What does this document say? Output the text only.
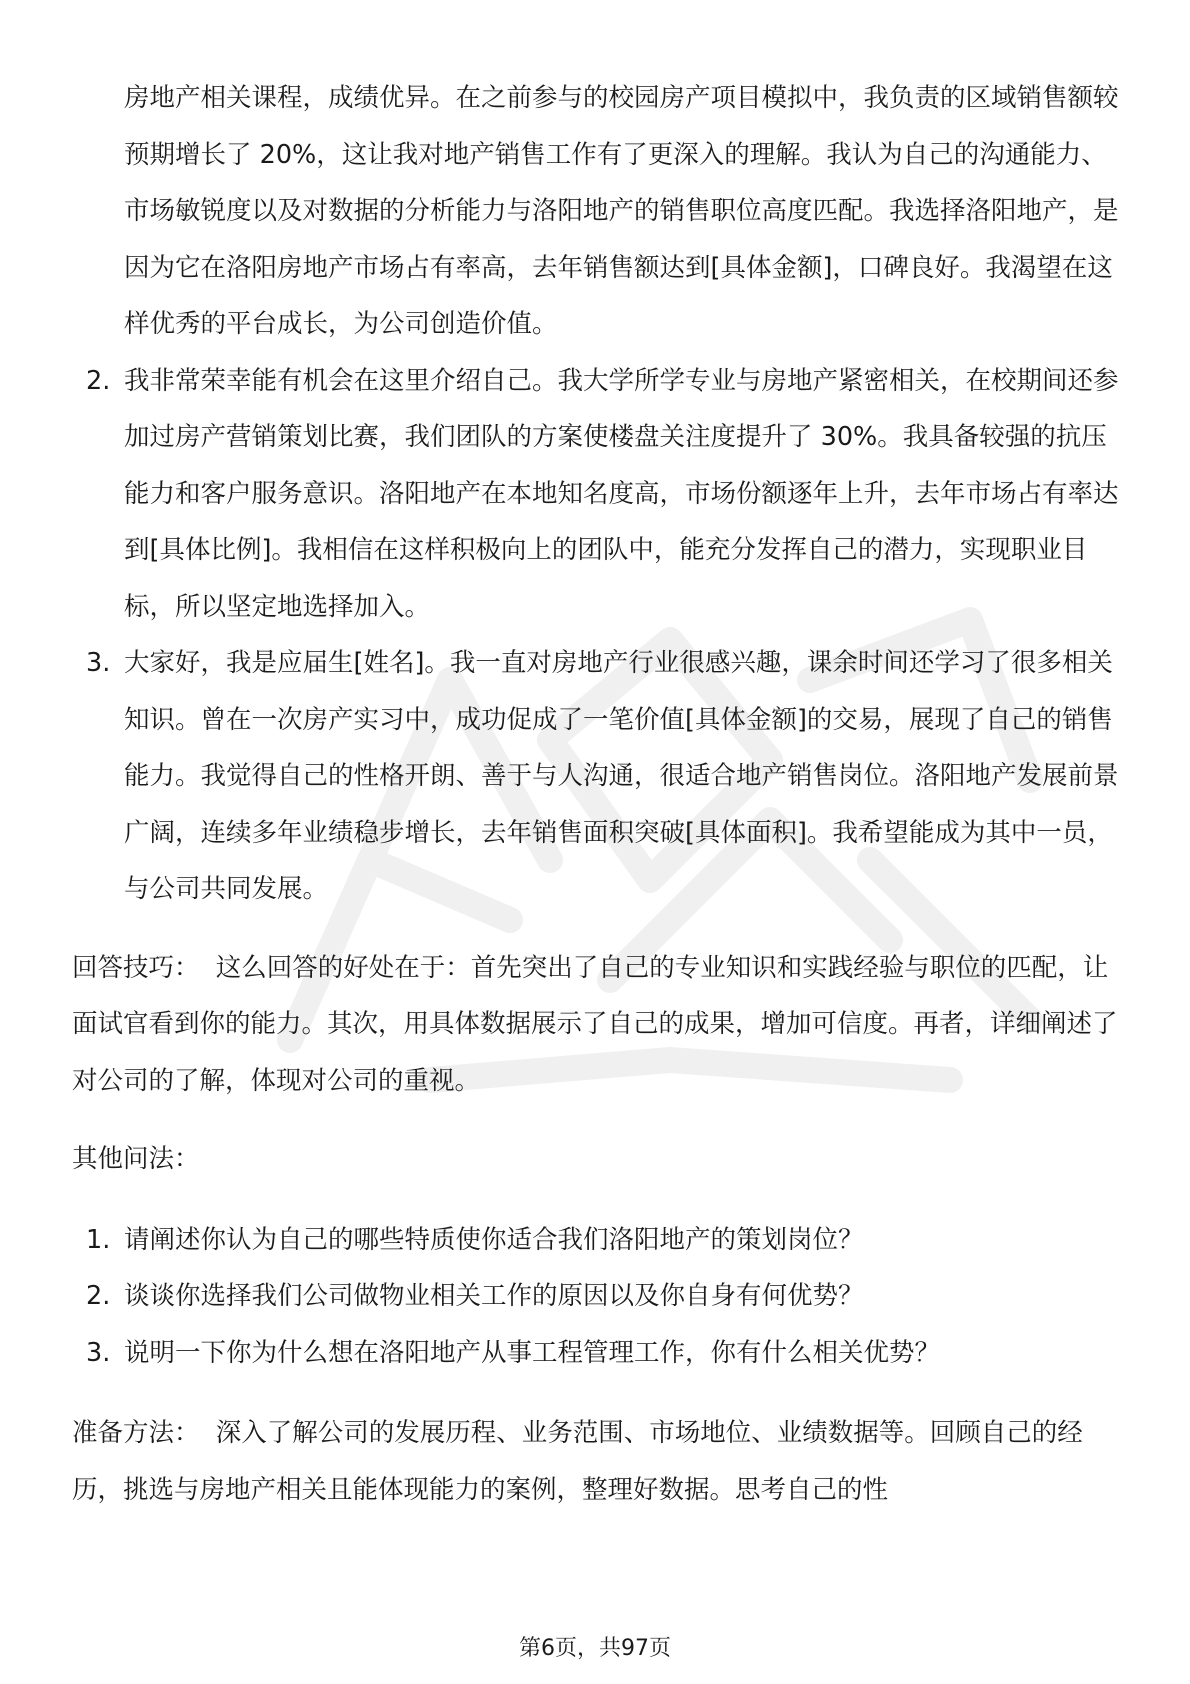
房地产相关课程，成绩优异。在之前参与的校园房产项目模拟中，我负责的区域销售额较预期增长了 20%，这让我对地产销售工作有了更深入的理解。我认为自己的沟通能力、市场敏锐度以及对数据的分析能力与洛阳地产的销售职位高度匹配。我选择洛阳地产，是因为它在洛阳房地产市场占有率高，去年销售额达到[具体金额]，口碑良好。我渴望在这样优秀的平台成长，为公司创造价值。

2. 我非常荣幸能有机会在这里介绍自己。我大学所学专业与房地产紧密相关，在校期间还参加过房产营销策划比赛，我们团队的方案使楼盘关注度提升了 30%。我具备较强的抗压能力和客户服务意识。洛阳地产在本地知名度高，市场份额逐年上升，去年市场占有率达到[具体比例]。我相信在这样积极向上的团队中，能充分发挥自己的潜力，实现职业目标，所以坚定地选择加入。
3. 大家好，我是应届生[姓名]。我一直对房地产行业很感兴趣，课余时间还学习了很多相关知识。曾在一次房产实习中，成功促成了一笔价值[具体金额]的交易，展现了自己的销售能力。我觉得自己的性格开朗、善于与人沟通，很适合地产销售岗位。洛阳地产发展前景广阔，连续多年业绩稳步增长，去年销售面积突破[具体面积]。我希望能成为其中一员，与公司共同发展。

回答技巧： 这么回答的好处在于：首先突出了自己的专业知识和实践经验与职位的匹配，让面试官看到你的能力。其次，用具体数据展示了自己的成果，增加可信度。再者，详细阐述了对公司的了解，体现对公司的重视。

其他问法：

1. 请阐述你认为自己的哪些特质使你适合我们洛阳地产的策划岗位？
2. 谈谈你选择我们公司做物业相关工作的原因以及你自身有何优势？
3. 说明一下你为什么想在洛阳地产从事工程管理工作，你有什么相关优势？

准备方法： 深入了解公司的发展历程、业务范围、市场地位、业绩数据等。回顾自己的经历，挑选与房地产相关且能体现能力的案例，整理好数据。思考自己的性

第6页，共97页
